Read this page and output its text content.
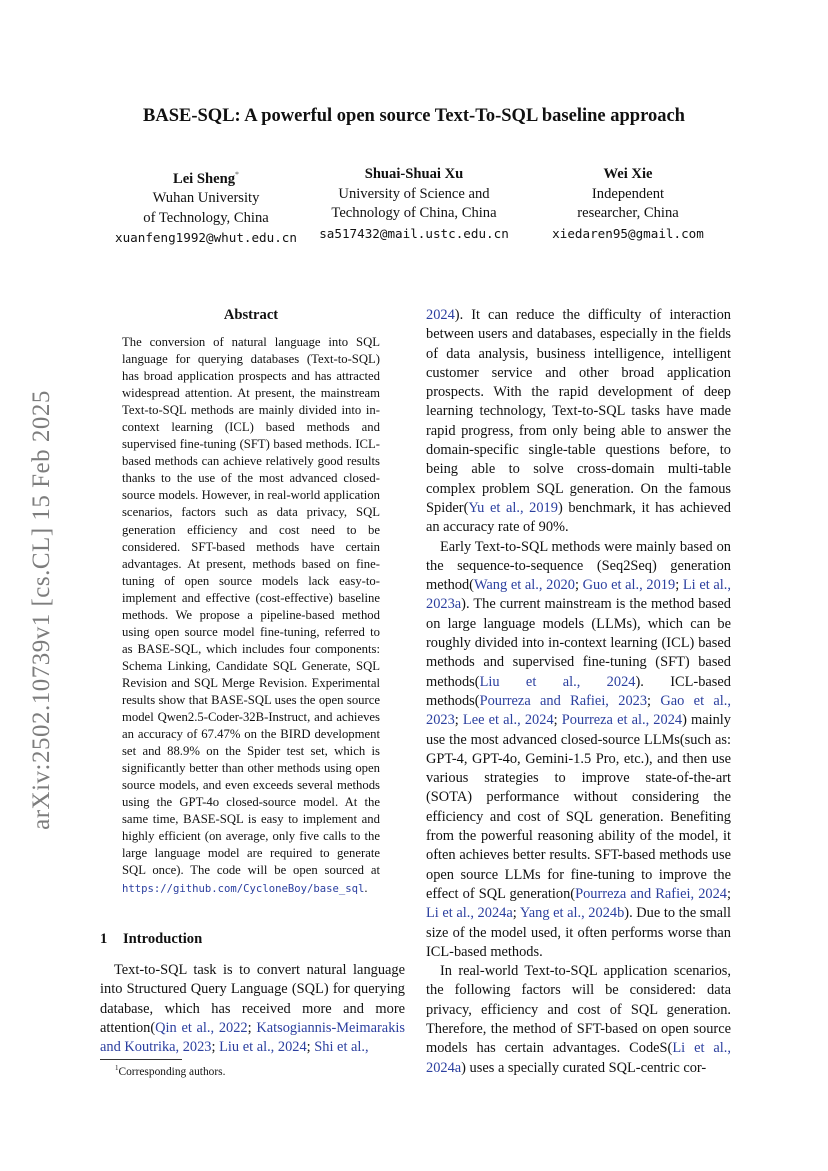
arXiv:2502.10739v1 [cs.CL] 15 Feb 2025
BASE-SQL: A powerful open source Text-To-SQL baseline approach
Lei Sheng*
Wuhan University
of Technology, China
xuanfeng1992@whut.edu.cn
Shuai-Shuai Xu
University of Science and
Technology of China, China
sa517432@mail.ustc.edu.cn
Wei Xie
Independent
researcher, China
xiedaren95@gmail.com
Abstract
The conversion of natural language into SQL language for querying databases (Text-to-SQL) has broad application prospects and has attracted widespread attention. At present, the mainstream Text-to-SQL methods are mainly divided into in-context learning (ICL) based methods and supervised fine-tuning (SFT) based methods. ICL-based methods can achieve relatively good results thanks to the use of the most advanced closed-source models. However, in real-world application scenarios, factors such as data privacy, SQL generation efficiency and cost need to be considered. SFT-based methods have certain advantages. At present, methods based on fine-tuning of open source models lack easy-to-implement and effective (cost-effective) baseline methods. We propose a pipeline-based method using open source model fine-tuning, referred to as BASE-SQL, which includes four components: Schema Linking, Candidate SQL Generate, SQL Revision and SQL Merge Revision. Experimental results show that BASE-SQL uses the open source model Qwen2.5-Coder-32B-Instruct, and achieves an accuracy of 67.47% on the BIRD development set and 88.9% on the Spider test set, which is significantly better than other methods using open source models, and even exceeds several methods using the GPT-4o closed-source model. At the same time, BASE-SQL is easy to implement and highly efficient (on average, only five calls to the large language model are required to generate SQL once). The code will be open sourced at https://github.com/CycloneBoy/base_sql.
1 Introduction

Text-to-SQL task is to convert natural language into Structured Query Language (SQL) for querying database, which has received more and more attention(Qin et al., 2022; Katsogiannis-Meimarakis and Koutrika, 2023; Liu et al., 2024; Shi et al.,

$^1$Corresponding authors.

2024). It can reduce the difficulty of interaction between users and databases, especially in the fields of data analysis, business intelligence, intelligent customer service and other broad application prospects. With the rapid development of deep learning technology, Text-to-SQL tasks have made rapid progress, from only being able to answer the domain-specific single-table questions before, to being able to solve cross-domain multi-table complex problem SQL generation. On the famous Spider(Yu et al., 2019) benchmark, it has achieved an accuracy rate of 90%.

Early Text-to-SQL methods were mainly based on the sequence-to-sequence (Seq2Seq) generation method(Wang et al., 2020; Guo et al., 2019; Li et al., 2023a). The current mainstream is the method based on large language models (LLMs), which can be roughly divided into in-context learning (ICL) based methods and supervised fine-tuning (SFT) based methods(Liu et al., 2024). ICL-based methods(Pourreza and Rafiei, 2023; Gao et al., 2023; Lee et al., 2024; Pourreza et al., 2024) mainly use the most advanced closed-source LLMs(such as: GPT-4, GPT-4o, Gemini-1.5 Pro, etc.), and then use various strategies to improve state-of-the-art (SOTA) performance without considering the efficiency and cost of SQL generation. Benefiting from the powerful reasoning ability of the model, it often achieves better results. SFT-based methods use open source LLMs for fine-tuning to improve the effect of SQL generation(Pourreza and Rafiei, 2024; Li et al., 2024a; Yang et al., 2024b). Due to the small size of the model used, it often performs worse than ICL-based methods.

In real-world Text-to-SQL application scenarios, the following factors will be considered: data privacy, efficiency and cost of SQL generation. Therefore, the method of SFT-based on open source models has certain advantages. CodeS(Li et al., 2024a) uses a specially curated SQL-centric cor-
